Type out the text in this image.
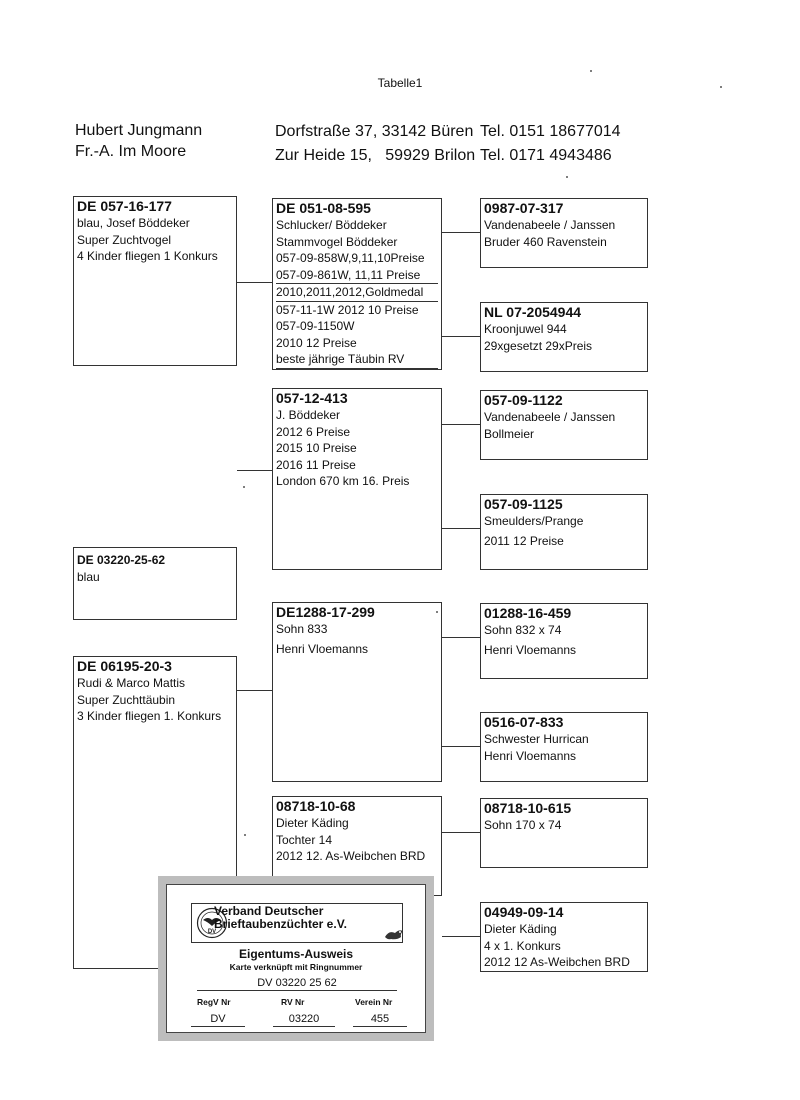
Tabelle1
Hubert Jungmann	Dorfstraße 37, 33142 Büren Tel. 0151 18677014
Fr.-A. Im Moore	Zur Heide 15,   59929 Brilon Tel. 0171 4943486
DE 057-16-177
blau, Josef Böddeker
Super Zuchtvogel
4 Kinder fliegen 1 Konkurs
DE 03220-25-62
blau
DE 06195-20-3
Rudi & Marco Mattis
Super Zuchttäubin
3 Kinder fliegen 1. Konkurs
DE 051-08-595
Schlucker/ Böddeker
Stammvogel Böddeker
057-09-858W,9,11,10Preise
057-09-861W, 11,11 Preise
2010,2011,2012,Goldmedal
057-11-1W 2012 10 Preise
057-09-1150W
2010 12 Preise
beste jährige Täubin RV
057-12-413
J. Böddeker
2012 6 Preise
2015 10 Preise
2016 11 Preise
London 670 km 16. Preis
DE1288-17-299
Sohn 833
Henri Vloemanns
08718-10-68
Dieter Käding
Tochter 14
2012 12. As-Weibchen BRD
0987-07-317
Vandenabeele / Janssen
Bruder 460 Ravenstein
NL 07-2054944
Kroonjuwel 944
29xgesetzt 29xPreis
057-09-1122
Vandenabeele / Janssen
Bollmeier
057-09-1125
Smeulders/Prange
2011 12 Preise
01288-16-459
Sohn 832 x 74
Henri Vloemanns
0516-07-833
Schwester Hurrican
Henri Vloemanns
08718-10-615
Sohn 170 x 74
04949-09-14
Dieter Käding
4 x 1. Konkurs
2012 12 As-Weibchen BRD
DV
Verband Deutscher
Brieftaubenzüchter e.V.
Eigentums-Ausweis
Karte verknüpft mit Ringnummer
DV 03220 25 62
RegV Nr	RV Nr	Verein Nr
DV	03220	455
